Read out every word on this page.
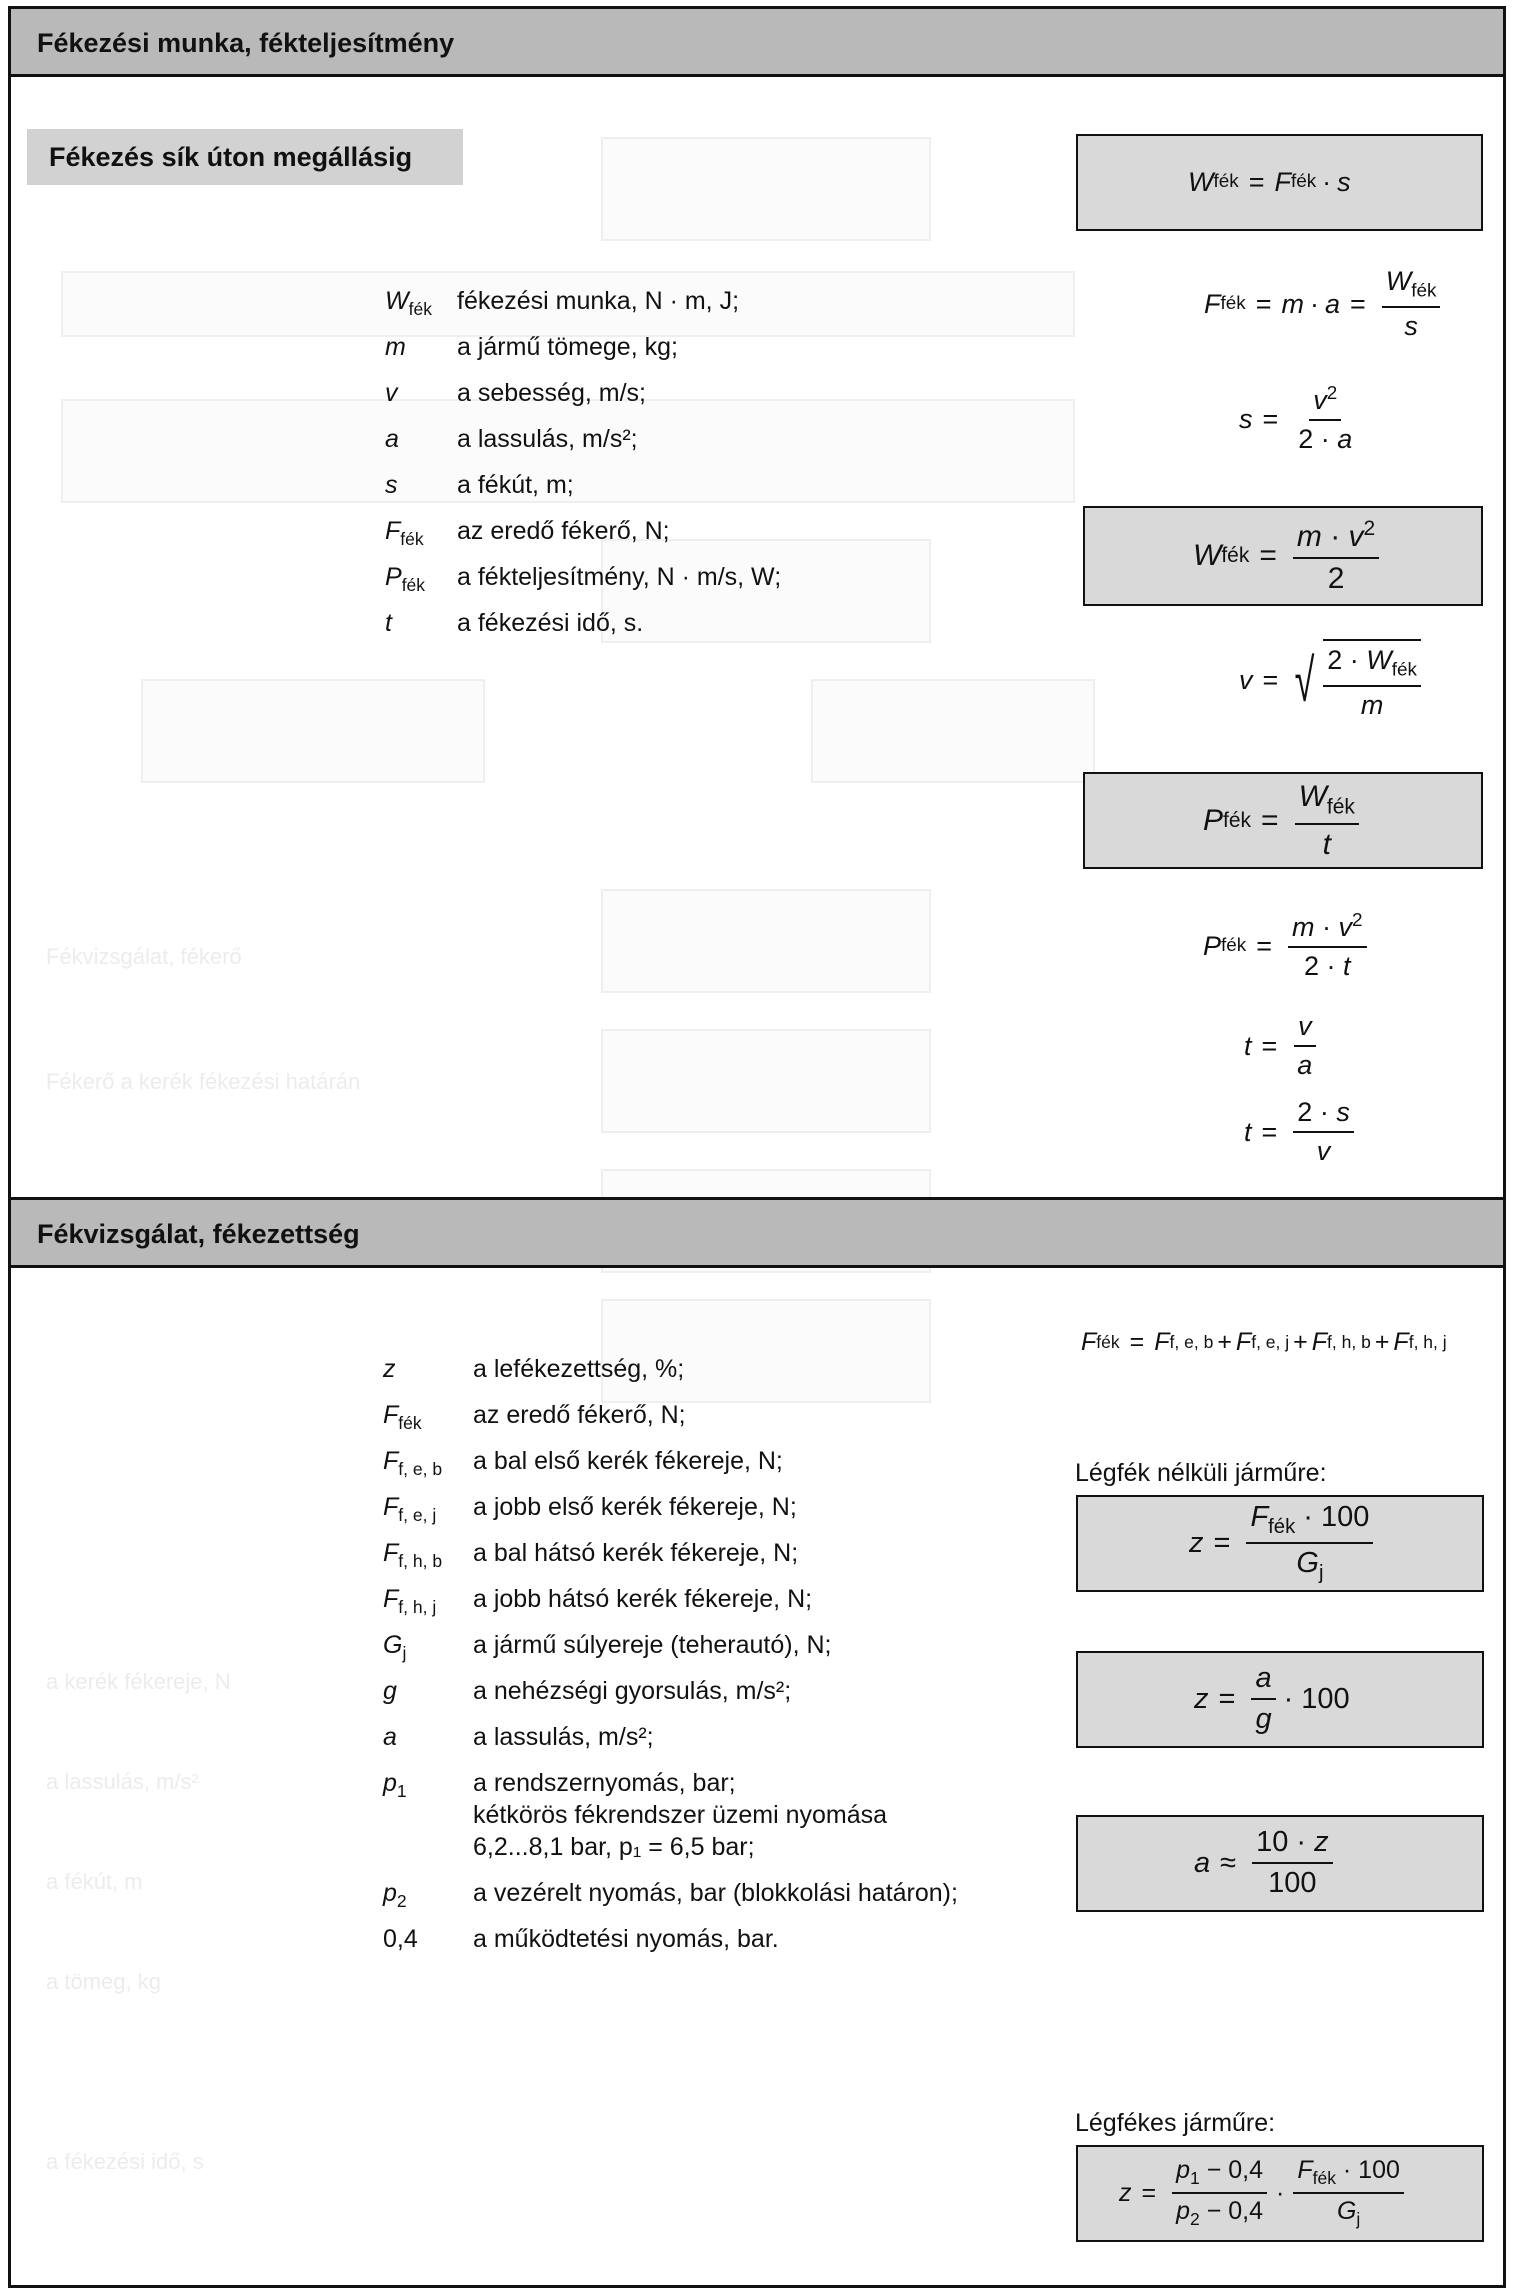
Fékvizsgálat, fékerő
Fékerő a kerék fékezési határán
a kerék fékereje, N
a lassulás, m/s²
a fékút, m
a tömeg, kg
a fékezési idő, s
Fékezési munka, fékteljesítmény
Fékezés sík úton megállásig
$W_{fék}$ fékezési munka, N · m, J;
m a jármű tömege, kg;
v a sebesség, m/s;
a a lassulás, m/s²;
s a fékút, m;
$F_{fék}$ az eredő fékerő, N;
$P_{fék}$ a fékteljesítmény, N · m/s, W;
t	a fékezési idő, s.
W fék = F fék · s
F fék = m · a =
$W_{fék}$
s
$s = \frac{v^2}{2 \cdot a}$
W fék = $\frac{m \cdot v^2}{2}$
v = √ $2 \cdot W_{fék}$
m
P fék =
$W_{fék}$
t
P fék = $\frac{m \cdot v^2}{2 \cdot t}$
$t = \frac{v}{a}$
$t = \frac{2 \cdot s}{v}$
Fékvizsgálat, fékezettség
F fék = F f, e, b + F f, e, j + F f, h, b + F f, h, j
z	a lefékezettség, %;
$F_{fék}$ az eredő fékerő, N;
$F_{f, e, b}$ a bal első kerék fékereje, N;
$F_{f, e, j}$ a jobb első kerék fékereje, N;
$F_{f, h, b}$ a bal hátsó kerék fékereje, N;
$F_{f, h, j}$ a jobb hátsó kerék fékereje, N;
$G_j$	a jármű súlyereje (teherautó), N;
g	a nehézségi gyorsulás, m/s²;
a	a lassulás, m/s²;
$p_1$	a rendszernyomás, bar;
kétkörös fékrendszer üzemi nyomása
6,2...8,1 bar, p₁ = 6,5 bar;
$p_2$	a vezérelt nyomás, bar (blokkolási határon);
0,4 a működtetési nyomás, bar.
Légfék nélküli járműre:
z =
$F_{fék} \cdot 100$
$G_j$
$z = \frac{a}{g} \cdot 100$
$a \approx \frac{10 \cdot z}{100}$
Légfékes járműre:
$z = \frac{p_1 - 0,4}{p_2 - 0,4}$ ·
$F_{fék} \cdot 100$
$G_j$
